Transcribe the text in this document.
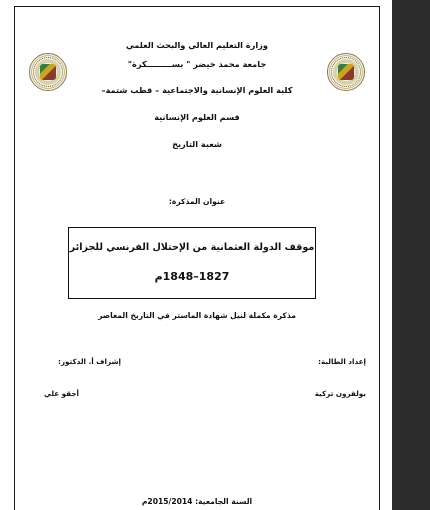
وزارة التعليم العالي والبحث العلمي
جامعة محمد خيضر " بســـــــــكرة"
كلية العلوم الإنسانية والاجتماعية – قطب شتمة–
قسم العلوم الإنسانية
شعبة التاريخ
عنوان المذكرة:
موقف الدولة العثمانية من الإحتلال الفرنسي للجزائر
1827–1848م
مذكرة مكملة لنيل شهادة الماستر في التاريخ المعاصر
إعداد الطالبة:
إشراف أ. الدكتور:
بولقرون تركية
أجقو علي
السنة الجامعية: 2015/2014م
